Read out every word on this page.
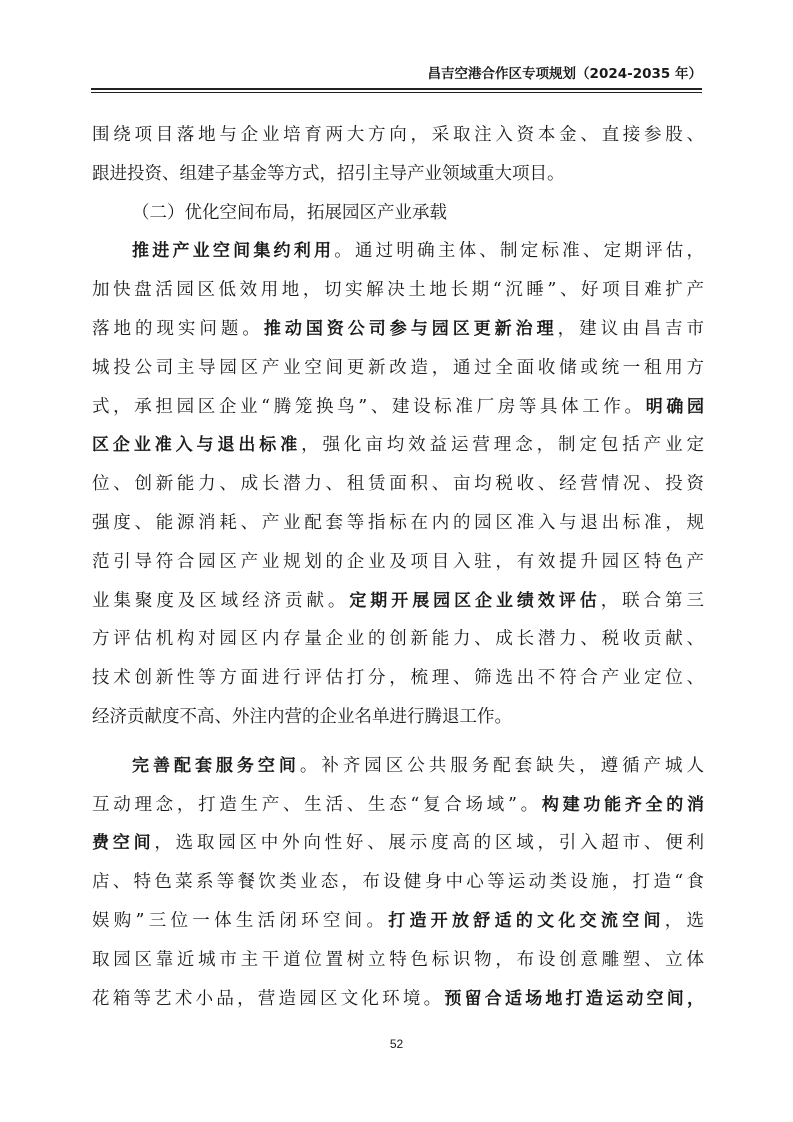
昌吉空港合作区专项规划（2024-2035 年）
围绕项目落地与企业培育两大方向，采取注入资本金、直接参股、
跟进投资、组建子基金等方式，招引主导产业领域重大项目。
（二）优化空间布局，拓展园区产业承载
推进产业空间集约利用。通过明确主体、制定标准、定期评估，
加快盘活园区低效用地，切实解决土地长期“沉睡”、好项目难扩产
落地的现实问题。推动国资公司参与园区更新治理，建议由昌吉市
城投公司主导园区产业空间更新改造，通过全面收储或统一租用方
式，承担园区企业“腾笼换鸟”、建设标准厂房等具体工作。明确园
区企业准入与退出标准，强化亩均效益运营理念，制定包括产业定
位、创新能力、成长潜力、租赁面积、亩均税收、经营情况、投资
强度、能源消耗、产业配套等指标在内的园区准入与退出标准，规
范引导符合园区产业规划的企业及项目入驻，有效提升园区特色产
业集聚度及区域经济贡献。定期开展园区企业绩效评估，联合第三
方评估机构对园区内存量企业的创新能力、成长潜力、税收贡献、
技术创新性等方面进行评估打分，梳理、筛选出不符合产业定位、
经济贡献度不高、外注内营的企业名单进行腾退工作。
完善配套服务空间。补齐园区公共服务配套缺失，遵循产城人
互动理念，打造生产、生活、生态“复合场域”。构建功能齐全的消
费空间，选取园区中外向性好、展示度高的区域，引入超市、便利
店、特色菜系等餐饮类业态，布设健身中心等运动类设施，打造“食
娱购”三位一体生活闭环空间。打造开放舒适的文化交流空间，选
取园区靠近城市主干道位置树立特色标识物，布设创意雕塑、立体
花箱等艺术小品，营造园区文化环境。预留合适场地打造运动空间，
52
